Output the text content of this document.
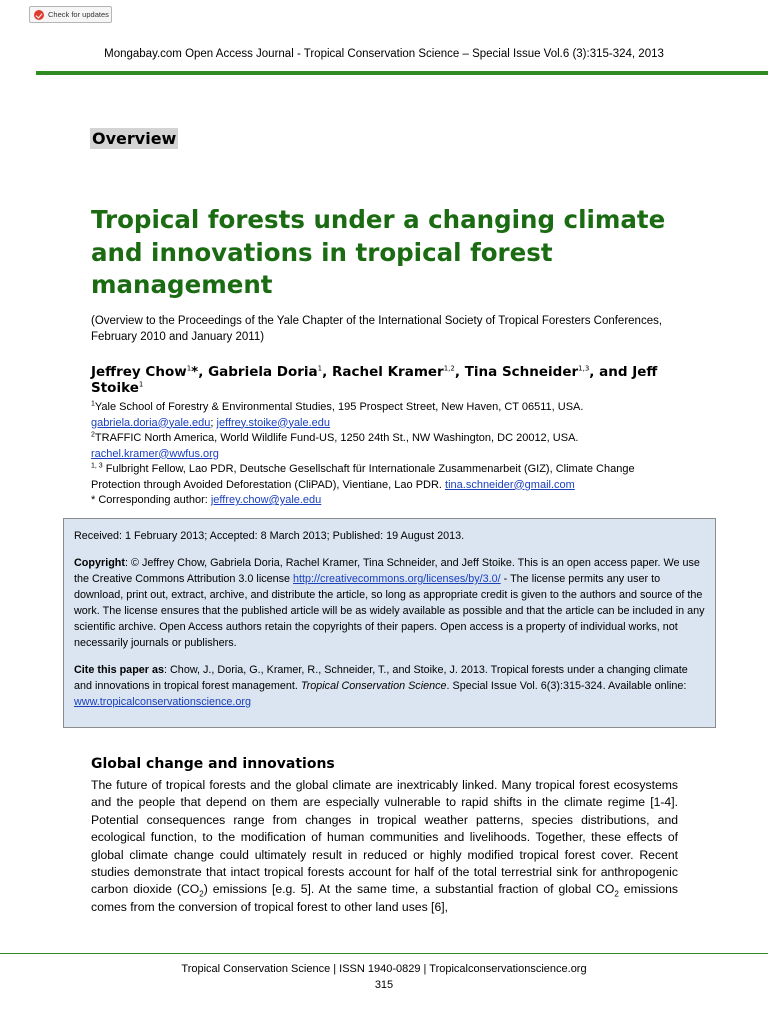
Check for updates
Mongabay.com Open Access Journal - Tropical Conservation Science – Special Issue Vol.6 (3):315-324, 2013
Overview
Tropical forests under a changing climate and innovations in tropical forest management
(Overview to the Proceedings of the Yale Chapter of the International Society of Tropical Foresters Conferences, February 2010 and January 2011)
Jeffrey Chow$^1$*, Gabriela Doria$^1$, Rachel Kramer$^{1,2}$, Tina Schneider$^{1,3}$, and Jeff Stoike$^1$
$^1$Yale School of Forestry & Environmental Studies, 195 Prospect Street, New Haven, CT 06511, USA.
gabriela.doria@yale.edu; jeffrey.stoike@yale.edu
$^2$TRAFFIC North America, World Wildlife Fund-US, 1250 24th St., NW Washington, DC 20012, USA.
rachel.kramer@wwfus.org
$^{1, 3}$ Fulbright Fellow, Lao PDR, Deutsche Gesellschaft für Internationale Zusammenarbeit (GIZ), Climate Change
Protection through Avoided Deforestation (CliPAD), Vientiane, Lao PDR. tina.schneider@gmail.com
* Corresponding author: jeffrey.chow@yale.edu

Received: 1 February 2013; Accepted: 8 March 2013; Published: 19 August 2013.

Copyright: © Jeffrey Chow, Gabriela Doria, Rachel Kramer, Tina Schneider, and Jeff Stoike. This is an open access paper. We use the Creative Commons Attribution 3.0 license http://creativecommons.org/licenses/by/3.0/ - The license permits any user to download, print out, extract, archive, and distribute the article, so long as appropriate credit is given to the authors and source of the work. The license ensures that the published article will be as widely available as possible and that the article can be included in any scientific archive. Open Access authors retain the copyrights of their papers. Open access is a property of individual works, not necessarily journals or publishers.

Cite this paper as: Chow, J., Doria, G., Kramer, R., Schneider, T., and Stoike, J. 2013. Tropical forests under a changing climate and innovations in tropical forest management. Tropical Conservation Science. Special Issue Vol. 6(3):315-324. Available online: www.tropicalconservationscience.org

Global change and innovations

The future of tropical forests and the global climate are inextricably linked. Many tropical forest ecosystems and the people that depend on them are especially vulnerable to rapid shifts in the climate regime [1-4]. Potential consequences range from changes in tropical weather patterns, species distributions, and ecological function, to the modification of human communities and livelihoods. Together, these effects of global climate change could ultimately result in reduced or highly modified tropical forest cover. Recent studies demonstrate that intact tropical forests account for half of the total terrestrial sink for anthropogenic carbon dioxide $(CO_2)$ emissions [e.g. 5]. At the same time, a substantial fraction of global $CO_2$ emissions comes from the conversion of tropical forest to other land uses [6],

Tropical Conservation Science | ISSN 1940-0829 | Tropicalconservationscience.org
315
